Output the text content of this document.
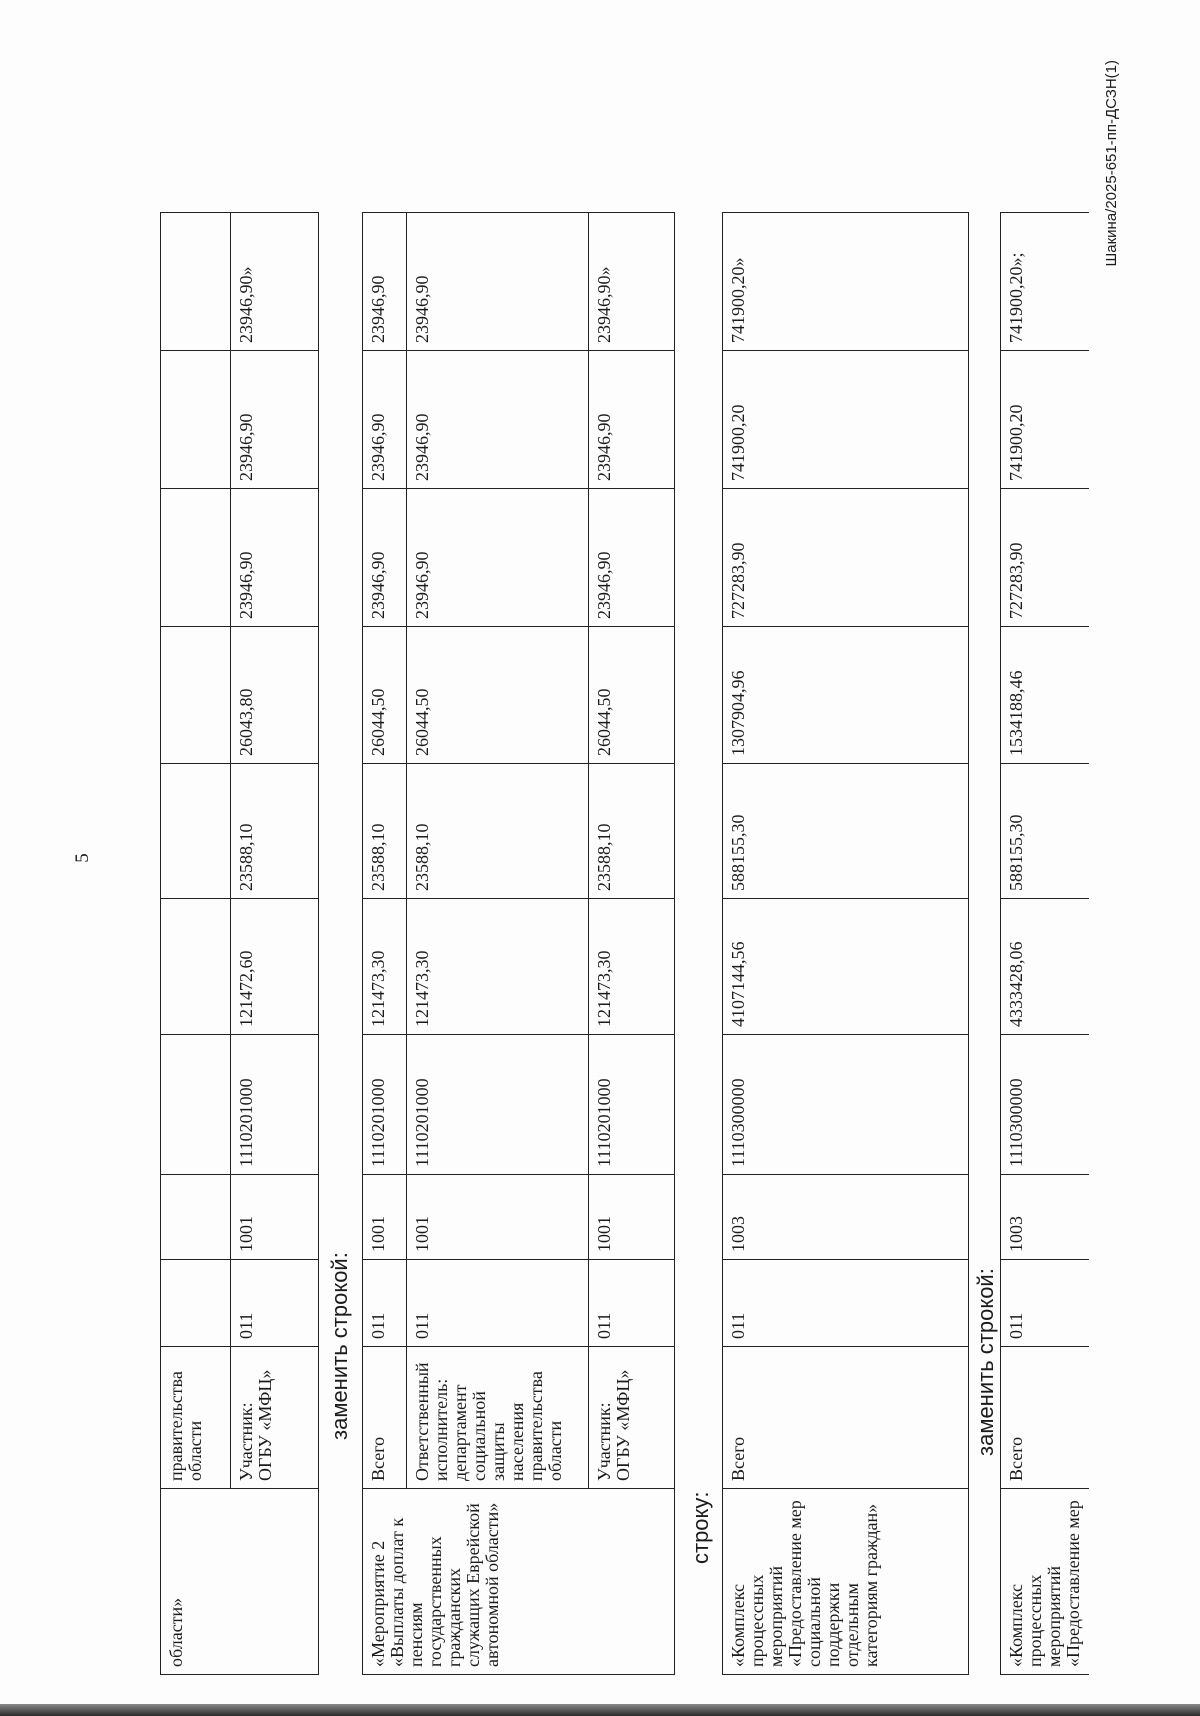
5
области»	правительства области									
	Участник: ОГБУ «МФЦ»	011	1001	1110201000	121472,60	23588,10	26043,80	23946,90	23946,90	23946,90»
заменить строкой:
«Мероприятие 2 «Выплаты доплат к пенсиям государственных гражданских служащих Еврейской автономной области»	Всего	011	1001	1110201000	121473,30	23588,10	26044,50	23946,90	23946,90	23946,90
	Ответственный исполнитель: департамент социальной защиты населения правительства области	011	1001	1110201000	121473,30	23588,10	26044,50	23946,90	23946,90	23946,90
	Участник: ОГБУ «МФЦ»	011	1001	1110201000	121473,30	23588,10	26044,50	23946,90	23946,90	23946,90»
строку:
«Комплекс процессных мероприятий «Предоставление мер социальной поддержки отдельным категориям граждан»	Всего	011	1003	1110300000	4107144,56	588155,30	1307904,96	727283,90	741900,20	741900,20»
заменить строкой:
«Комплекс процессных мероприятий «Предоставление мер	Всего	011	1003	1110300000	4333428,06	588155,30	1534188,46	727283,90	741900,20	741900,20»;
Шакина/2025-651-пп-ДСЗН(1)
